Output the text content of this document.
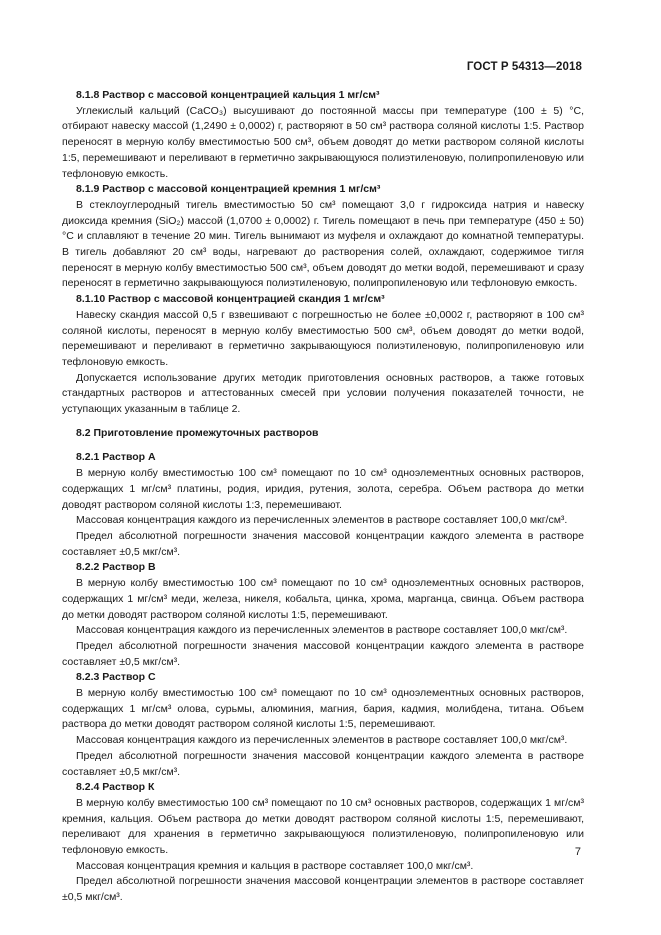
ГОСТ Р 54313—2018

8.1.8 Раствор с массовой концентрацией кальция 1 мг/см³

Углекислый кальций (CaCO₃) высушивают до постоянной массы при температуре (100 ± 5) °C, отбирают навеску массой (1,2490 ± 0,0002) г, растворяют в 50 см³ раствора соляной кислоты 1:5. Раствор переносят в мерную колбу вместимостью 500 см³, объем доводят до метки раствором соляной кислоты 1:5, перемешивают и переливают в герметично закрывающуюся полиэтиленовую, полипропиленовую или тефлоновую емкость.

8.1.9 Раствор с массовой концентрацией кремния 1 мг/см³

В стеклоуглеродный тигель вместимостью 50 см³ помещают 3,0 г гидроксида натрия и навеску диоксида кремния (SiO₂) массой (1,0700 ± 0,0002) г. Тигель помещают в печь при температуре (450 ± 50) °C и сплавляют в течение 20 мин. Тигель вынимают из муфеля и охлаждают до комнатной температуры. В тигель добавляют 20 см³ воды, нагревают до растворения солей, охлаждают, содержимое тигля переносят в мерную колбу вместимостью 500 см³, объем доводят до метки водой, перемешивают и сразу переносят в герметично закрывающуюся полиэтиленовую, полипропиленовую или тефлоновую емкость.

8.1.10 Раствор с массовой концентрацией скандия 1 мг/см³

Навеску скандия массой 0,5 г взвешивают с погрешностью не более ±0,0002 г, растворяют в 100 см³ соляной кислоты, переносят в мерную колбу вместимостью 500 см³, объем доводят до метки водой, перемешивают и переливают в герметично закрывающуюся полиэтиленовую, полипропиленовую или тефлоновую емкость.

Допускается использование других методик приготовления основных растворов, а также готовых стандартных растворов и аттестованных смесей при условии получения показателей точности, не уступающих указанным в таблице 2.

8.2 Приготовление промежуточных растворов

8.2.1 Раствор А

В мерную колбу вместимостью 100 см³ помещают по 10 см³ одноэлементных основных растворов, содержащих 1 мг/см³ платины, родия, иридия, рутения, золота, серебра. Объем раствора до метки доводят раствором соляной кислоты 1:3, перемешивают.

Массовая концентрация каждого из перечисленных элементов в растворе составляет 100,0 мкг/см³.

Предел абсолютной погрешности значения массовой концентрации каждого элемента в растворе составляет ±0,5 мкг/см³.

8.2.2 Раствор В

В мерную колбу вместимостью 100 см³ помещают по 10 см³ одноэлементных основных растворов, содержащих 1 мг/см³ меди, железа, никеля, кобальта, цинка, хрома, марганца, свинца. Объем раствора до метки доводят раствором соляной кислоты 1:5, перемешивают.

Массовая концентрация каждого из перечисленных элементов в растворе составляет 100,0 мкг/см³.

Предел абсолютной погрешности значения массовой концентрации каждого элемента в растворе составляет ±0,5 мкг/см³.

8.2.3 Раствор С

В мерную колбу вместимостью 100 см³ помещают по 10 см³ одноэлементных основных растворов, содержащих 1 мг/см³ олова, сурьмы, алюминия, магния, бария, кадмия, молибдена, титана. Объем раствора до метки доводят раствором соляной кислоты 1:5, перемешивают.

Массовая концентрация каждого из перечисленных элементов в растворе составляет 100,0 мкг/см³.

Предел абсолютной погрешности значения массовой концентрации каждого элемента в растворе составляет ±0,5 мкг/см³.

8.2.4 Раствор К

В мерную колбу вместимостью 100 см³ помещают по 10 см³ основных растворов, содержащих 1 мг/см³ кремния, кальция. Объем раствора до метки доводят раствором соляной кислоты 1:5, перемешивают, переливают для хранения в герметично закрывающуюся полиэтиленовую, полипропиленовую или тефлоновую емкость.

Массовая концентрация кремния и кальция в растворе составляет 100,0 мкг/см³.

Предел абсолютной погрешности значения массовой концентрации элементов в растворе составляет ±0,5 мкг/см³.

7
